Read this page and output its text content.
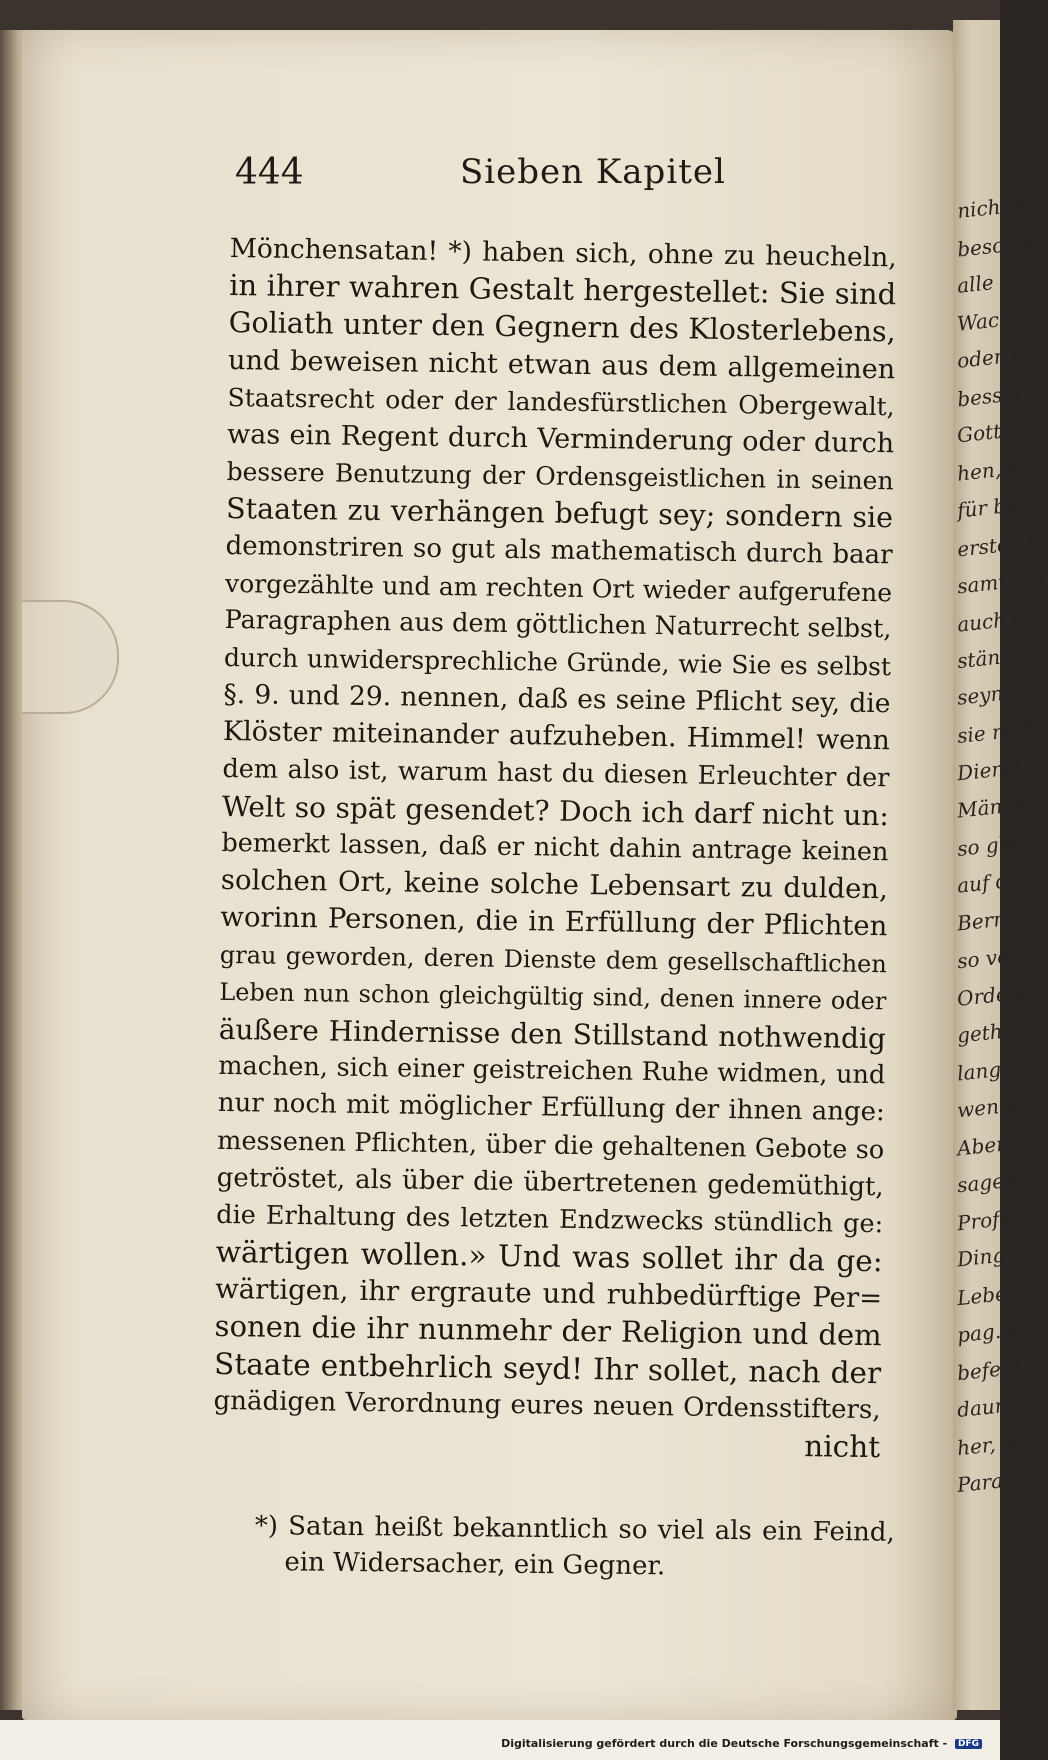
nicht et
bescheid
alle me
Wachte
oder Kl
bessern,
Gottes
hen, so
für bes
ersten G
samt ein
auch der
ständen
seyn.
sie nich
Dienst
Männe
so gleic
auf der
Bermu
so verzo
Ordens
gethan
lang di
wenns
Aber n
sagen:
Profes
Ding
Leben
pag. 8
befehl
daure
her, w
Parag
444	Sieben Kapitel
Mönchensatan! *) haben sich, ohne zu heucheln,
in ihrer wahren Gestalt hergestellet: Sie sind
Goliath unter den Gegnern des Klosterlebens,
und beweisen nicht etwan aus dem allgemeinen
Staatsrecht oder der landesfürstlichen Obergewalt,
was ein Regent durch Verminderung oder durch
bessere Benutzung der Ordensgeistlichen in seinen
Staaten zu verhängen befugt sey; sondern sie
demonstriren so gut als mathematisch durch baar
vorgezählte und am rechten Ort wieder aufgerufene
Paragraphen aus dem göttlichen Naturrecht selbst,
durch unwidersprechliche Gründe, wie Sie es selbst
§. 9. und 29. nennen, daß es seine Pflicht sey, die
Klöster miteinander aufzuheben. Himmel! wenn
dem also ist, warum hast du diesen Erleuchter der
Welt so spät gesendet? Doch ich darf nicht un:
bemerkt lassen, daß er nicht dahin antrage keinen
solchen Ort, keine solche Lebensart zu dulden,
worinn Personen, die in Erfüllung der Pflichten
grau geworden, deren Dienste dem gesellschaftlichen
Leben nun schon gleichgültig sind, denen innere oder
äußere Hindernisse den Stillstand nothwendig
machen, sich einer geistreichen Ruhe widmen, und
nur noch mit möglicher Erfüllung der ihnen ange:
messenen Pflichten, über die gehaltenen Gebote so
getröstet, als über die übertretenen gedemüthigt,
die Erhaltung des letzten Endzwecks stündlich ge:
wärtigen wollen.» Und was sollet ihr da ge:
wärtigen, ihr ergraute und ruhbedürftige Per=
sonen die ihr nunmehr der Religion und dem
Staate entbehrlich seyd! Ihr sollet, nach der
gnädigen Verordnung eures neuen Ordensstifters,
nicht
*) Satan heißt bekanntlich so viel als ein Feind,
ein Widersacher, ein Gegner.
Digitalisierung gefördert durch die Deutsche Forschungsgemeinschaft - DFG
